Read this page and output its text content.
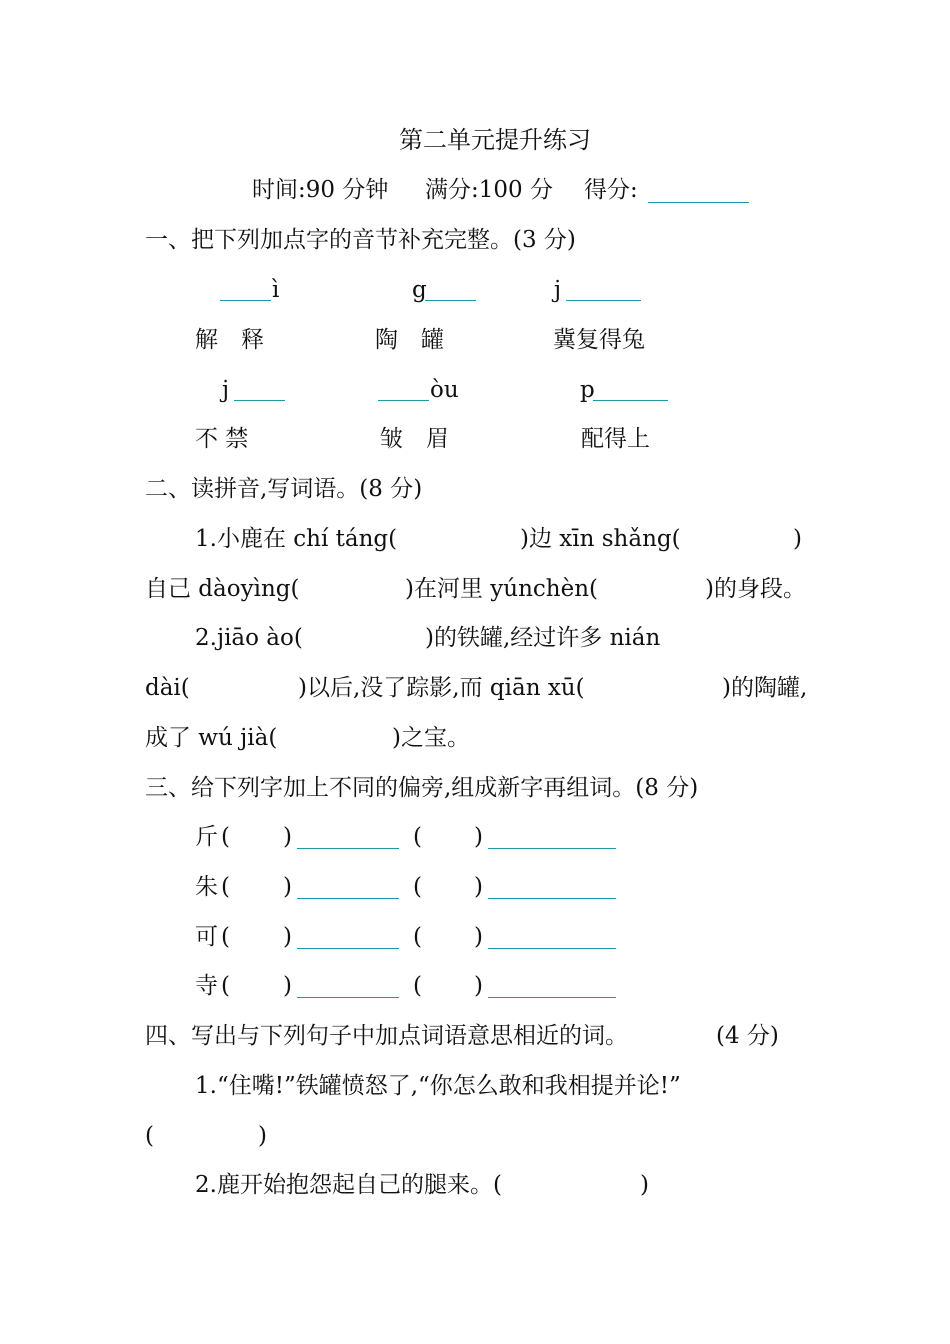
第二单元提升练习
时间:90 分钟 满分:100 分 得分:
一、把下列加点字的音节补充完整。(3 分)
ì	g	j
解　释	陶　罐	冀复得兔
j	òu	p
不 禁	皱　眉	配得上
二、读拼音,写词语。(8 分)
1.小鹿在 chí táng(	)边 xīn shǎng(	)
自己 dàoyìng(	)在河里 yúnchèn(	)的身段。
2.jiāo ào(	)的铁罐,经过许多 nián
dài(	)以后,没了踪影,而 qiān xū(	)的陶罐,
成了 wú jià(	)之宝。
三、给下列字加上不同的偏旁,组成新字再组词。(8 分)
斤 ( )	( )
朱 ( )	( )
可 ( )	( )
寺 ( )	( )
四、写出与下列句子中加点词语意思相近的词。	(4 分)
1.“住嘴!”铁罐愤怒了,“你怎么敢和我相提并论!”
(	)
2.鹿开始抱怨起自己的腿来。(	)
